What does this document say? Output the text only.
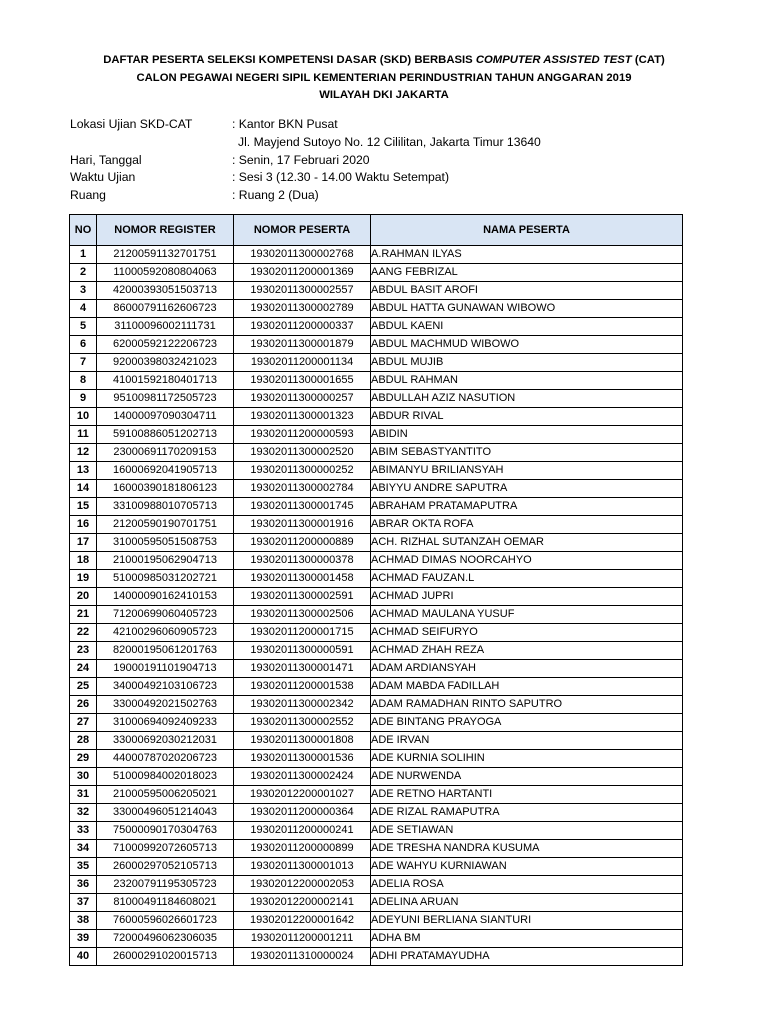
DAFTAR PESERTA SELEKSI KOMPETENSI DASAR (SKD) BERBASIS COMPUTER ASSISTED TEST (CAT)
CALON PEGAWAI NEGERI SIPIL KEMENTERIAN PERINDUSTRIAN TAHUN ANGGARAN 2019
WILAYAH DKI JAKARTA
Lokasi Ujian SKD-CAT	: Kantor BKN Pusat
Jl. Mayjend Sutoyo No. 12 Cililitan, Jakarta Timur 13640
Hari, Tanggal	: Senin, 17 Februari 2020
Waktu Ujian	: Sesi 3 (12.30 - 14.00 Waktu Setempat)
Ruang	: Ruang 2 (Dua)
NO	NOMOR REGISTER	NOMOR PESERTA	NAMA PESERTA
1	21200591132701751	19302011300002768	A.RAHMAN ILYAS
2	11000592080804063	19302011200001369	AANG FEBRIZAL
3	42000393051503713	19302011300002557	ABDUL BASIT AROFI
4	86000791162606723	19302011300002789	ABDUL HATTA GUNAWAN WIBOWO
5	31100096002111731	19302011200000337	ABDUL KAENI
6	62000592122206723	19302011300001879	ABDUL MACHMUD WIBOWO
7	92000398032421023	19302011200001134	ABDUL MUJIB
8	41001592180401713	19302011300001655	ABDUL RAHMAN
9	95100981172505723	19302011300000257	ABDULLAH AZIZ NASUTION
10	14000097090304711	19302011300001323	ABDUR RIVAL
11	59100886051202713	19302011200000593	ABIDIN
12	23000691170209153	19302011300002520	ABIM SEBASTYANTITO
13	16000692041905713	19302011300000252	ABIMANYU BRILIANSYAH
14	16000390181806123	19302011300002784	ABIYYU ANDRE SAPUTRA
15	33100988010705713	19302011300001745	ABRAHAM PRATAMAPUTRA
16	21200590190701751	19302011300001916	ABRAR OKTA ROFA
17	31000595051508753	19302011200000889	ACH. RIZHAL SUTANZAH OEMAR
18	21000195062904713	19302011300000378	ACHMAD DIMAS NOORCAHYO
19	51000985031202721	19302011300001458	ACHMAD FAUZAN.L
20	14000090162410153	19302011300002591	ACHMAD JUPRI
21	71200699060405723	19302011300002506	ACHMAD MAULANA YUSUF
22	42100296060905723	19302011200001715	ACHMAD SEIFURYO
23	82000195061201763	19302011300000591	ACHMAD ZHAH REZA
24	19000191101904713	19302011300001471	ADAM ARDIANSYAH
25	34000492103106723	19302011200001538	ADAM MABDA FADILLAH
26	33000492021502763	19302011300002342	ADAM RAMADHAN RINTO SAPUTRO
27	31000694092409233	19302011300002552	ADE BINTANG PRAYOGA
28	33000692030212031	19302011300001808	ADE IRVAN
29	44000787020206723	19302011300001536	ADE KURNIA SOLIHIN
30	51000984002018023	19302011300002424	ADE NURWENDA
31	21000595006205021	19302012200001027	ADE RETNO HARTANTI
32	33000496051214043	19302011200000364	ADE RIZAL RAMAPUTRA
33	75000090170304763	19302011200000241	ADE SETIAWAN
34	71000992072605713	19302011200000899	ADE TRESHA NANDRA KUSUMA
35	26000297052105713	19302011300001013	ADE WAHYU KURNIAWAN
36	23200791195305723	19302012200002053	ADELIA ROSA
37	81000491184608021	19302012200002141	ADELINA ARUAN
38	76000596026601723	19302012200001642	ADEYUNI BERLIANA SIANTURI
39	72000496062306035	19302011200001211	ADHA BM
40	26000291020015713	19302011310000024	ADHI PRATAMAYUDHA
